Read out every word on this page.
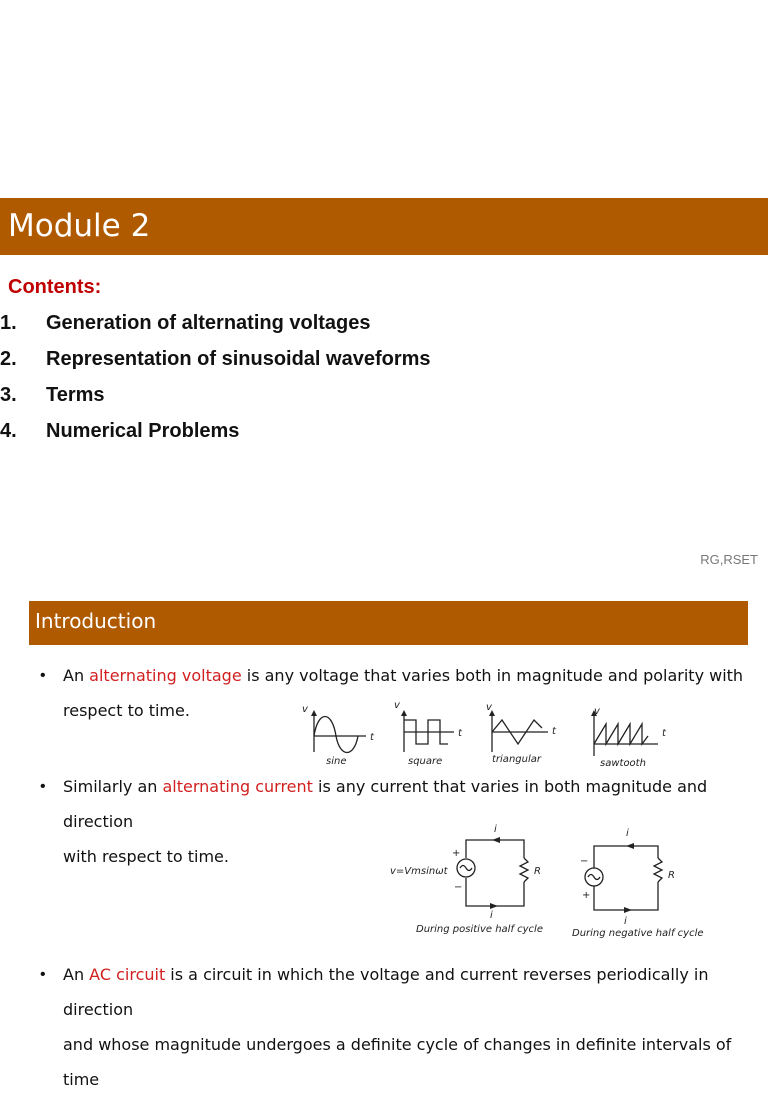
Module 2
Contents:
1.	Generation of alternating voltages
2.	Representation of sinusoidal waveforms
3.	Terms
4.	Numerical Problems
RG,RSET
Introduction
• An alternating voltage is any voltage that varies both in magnitude and polarity with
respect to time.	v
t
v
t
v
t
v
t
sine	square	triangular	sawtooth
• Similarly an alternating current is any current that varies in both magnitude and direction
with respect to time.
v=Vmsinωt
+
−
i
i
R
−
+
i
i
R
During positive half cycle	During negative half cycle
• An AC circuit is a circuit in which the voltage and current reverses periodically in direction
and whose magnitude undergoes a definite cycle of changes in definite intervals of time
